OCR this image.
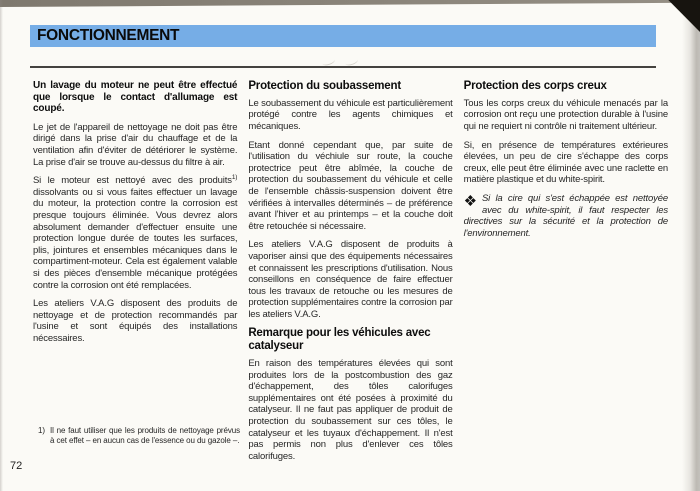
FONCTIONNEMENT

Un lavage du moteur ne peut être effectué que lorsque le contact d'allumage est coupé.

Le jet de l'appareil de nettoyage ne doit pas être dirigé dans la prise d'air du chauffage et de la ventilation afin d'éviter de détériorer le système. La prise d'air se trouve au-dessus du filtre à air.

Si le moteur est nettoyé avec des produits$^{1)}$ dissolvants ou si vous faites effectuer un lavage du moteur, la protection contre la corrosion est presque toujours éliminée. Vous devrez alors absolument demander d'effectuer ensuite une protection longue durée de toutes les surfaces, plis, jointures et ensembles mécaniques dans le compartiment-moteur. Cela est également valable si des pièces d'ensemble mécanique protégées contre la corrosion ont été remplacées.

Les ateliers V.A.G disposent des produits de nettoyage et de protection recommandés par l'usine et sont équipés des installations nécessaires.

Protection du soubassement

Le soubassement du véhicule est particulièrement protégé contre les agents chimiques et mécaniques.

Etant donné cependant que, par suite de l'utilisation du véchiule sur route, la couche protectrice peut être abîmée, la couche de protection du soubassement du véhicule et celle de l'ensemble châssis-suspension doivent être vérifiées à intervalles déterminés – de préférence avant l'hiver et au printemps – et la couche doit être retouchée si nécessaire.

Les ateliers V.A.G disposent de produits à vaporiser ainsi que des équipements nécessaires et connaissent les prescriptions d'utilisation. Nous conseillons en conséquence de faire effectuer tous les travaux de retouche ou les mesures de protection supplémentaires contre la corrosion par les ateliers V.A.G.

Remarque pour les véhicules avec catalyseur

En raison des températures élevées qui sont produites lors de la postcombustion des gaz d'échappement, des tôles calorifuges supplémentaires ont été posées à proximité du catalyseur. Il ne faut pas appliquer de produit de protection du soubassement sur ces tôles, le catalyseur et les tuyaux d'échappement. Il n'est pas permis non plus d'enlever ces tôles calorifuges.

Protection des corps creux

Tous les corps creux du véhicule menacés par la corrosion ont reçu une protection durable à l'usine qui ne requiert ni contrôle ni traitement ultérieur.

Si, en présence de températures extérieures élevées, un peu de cire s'échappe des corps creux, elle peut être éliminée avec une raclette en matière plastique et du white-spirit.

❖ Si la cire qui s'est échappée est nettoyée avec du white-spirit, il faut respecter les directives sur la sécurité et la protection de l'environnement.
1) Il ne faut utiliser que les produits de nettoyage prévus à cet effet – en aucun cas de l'essence ou du gazole –.
72
